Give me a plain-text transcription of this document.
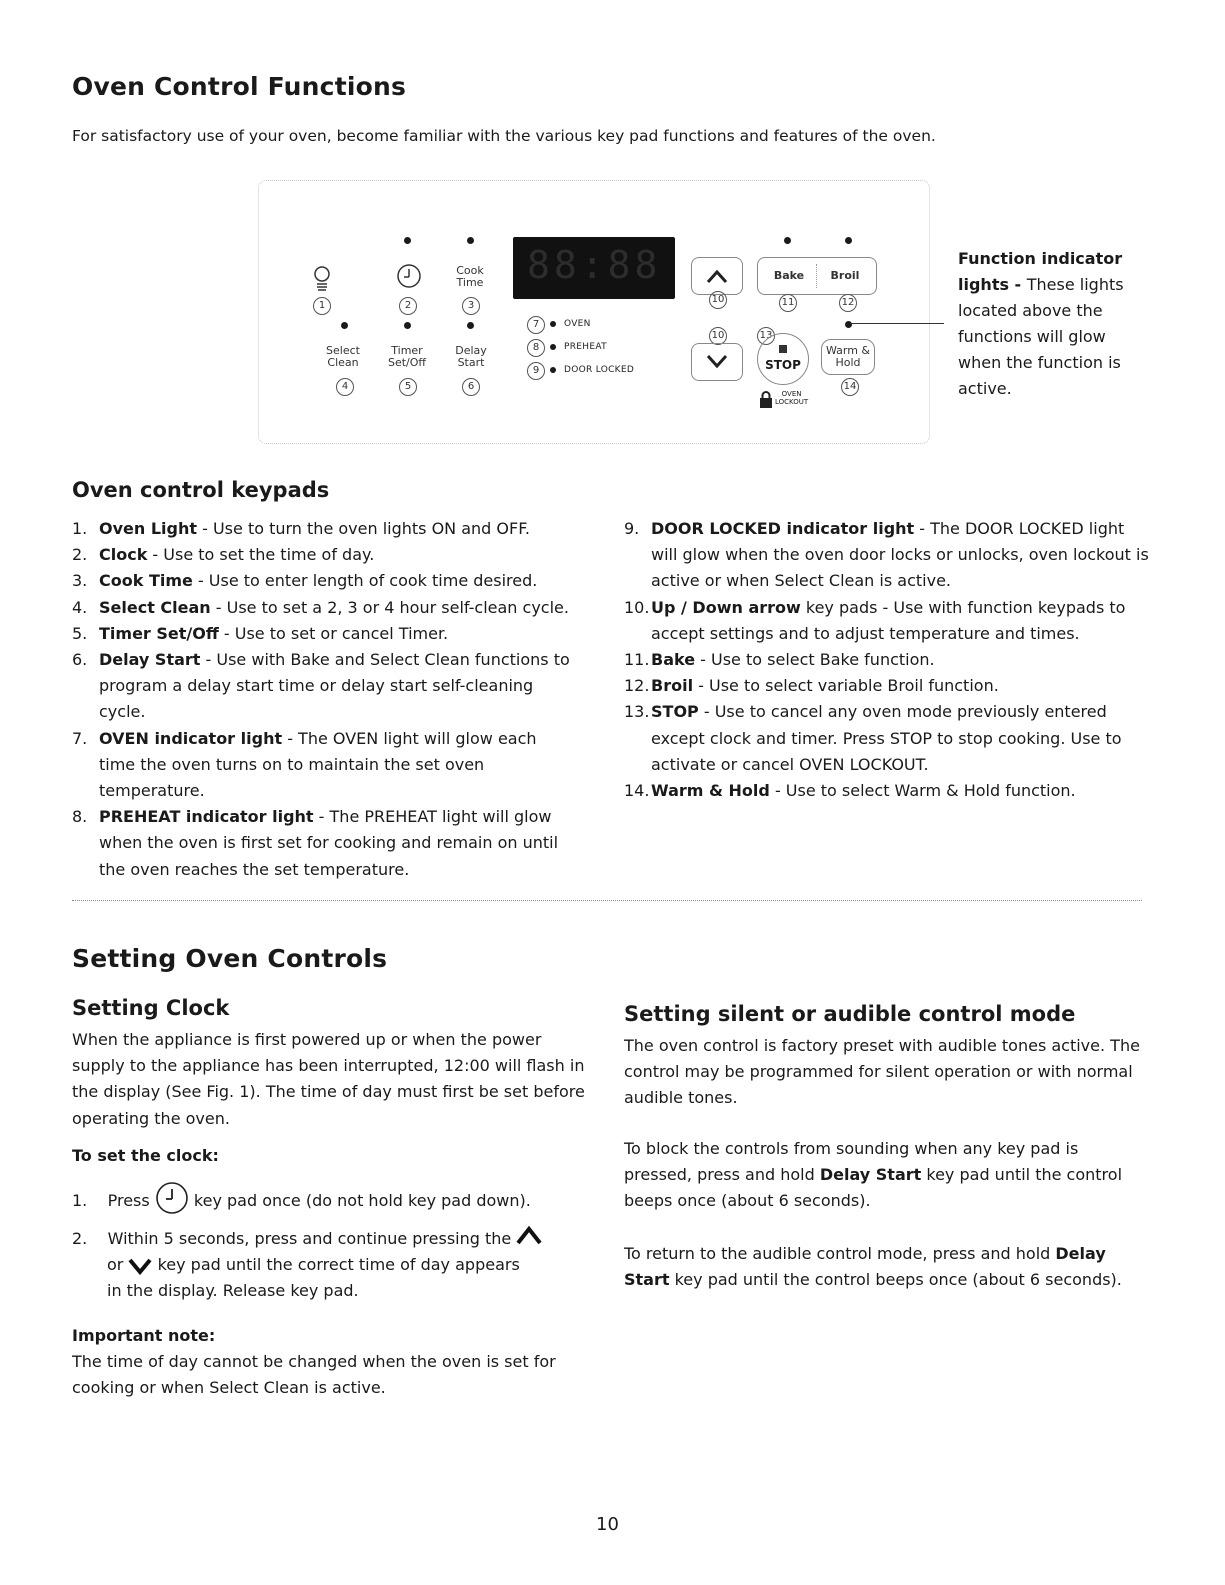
Oven Control Functions
For satisfactory use of your oven, become familiar with the various key pad functions and features of the oven.
Cook
Time
1	2	3
Select
Clean
Timer
Set/Off
Delay
Start
4	5	6
88:88
7	OVEN
8	PREHEAT
9	DOOR LOCKED
10
10
Bake	Broil
11	12
13
STOP
Warm &
Hold
14
OVEN
LOCKOUT
Function indicator
lights - These lights
located above the
functions will glow
when the function is
active.
Oven control keypads
1. Oven Light - Use to turn the oven lights ON and OFF.
2. Clock - Use to set the time of day.
3. Cook Time - Use to enter length of cook time desired.
4. Select Clean - Use to set a 2, 3 or 4 hour self-clean cycle.
5. Timer Set/Off - Use to set or cancel Timer.
6. Delay Start - Use with Bake and Select Clean functions to program a delay start time or delay start self-cleaning cycle.
7. OVEN indicator light - The OVEN light will glow each time the oven turns on to maintain the set oven temperature.
8. PREHEAT indicator light - The PREHEAT light will glow when the oven is first set for cooking and remain on until the oven reaches the set temperature.
9. DOOR LOCKED indicator light - The DOOR LOCKED light will glow when the oven door locks or unlocks, oven lockout is active or when Select Clean is active.
10. Up / Down arrow key pads - Use with function keypads to accept settings and to adjust temperature and times.
11. Bake - Use to select Bake function.
12. Broil - Use to select variable Broil function.
13. STOP - Use to cancel any oven mode previously entered except clock and timer. Press STOP to stop cooking. Use to activate or cancel OVEN LOCKOUT.
14. Warm & Hold - Use to select Warm & Hold function.
Setting Oven Controls
Setting Clock
When the appliance is first powered up or when the power supply to the appliance has been interrupted, 12:00 will flash in the display (See Fig. 1). The time of day must first be set before operating the oven.
To set the clock:
1. Press	key pad once (do not hold key pad down).
2. Within 5 seconds, press and continue pressing the
or key pad until the correct time of day appears
in the display. Release key pad.
Important note:
The time of day cannot be changed when the oven is set for cooking or when Select Clean is active.
Setting silent or audible control mode
The oven control is factory preset with audible tones active. The control may be programmed for silent operation or with normal audible tones.
To block the controls from sounding when any key pad is pressed, press and hold Delay Start key pad until the control beeps once (about 6 seconds).
To return to the audible control mode, press and hold Delay Start key pad until the control beeps once (about 6 seconds).
10
